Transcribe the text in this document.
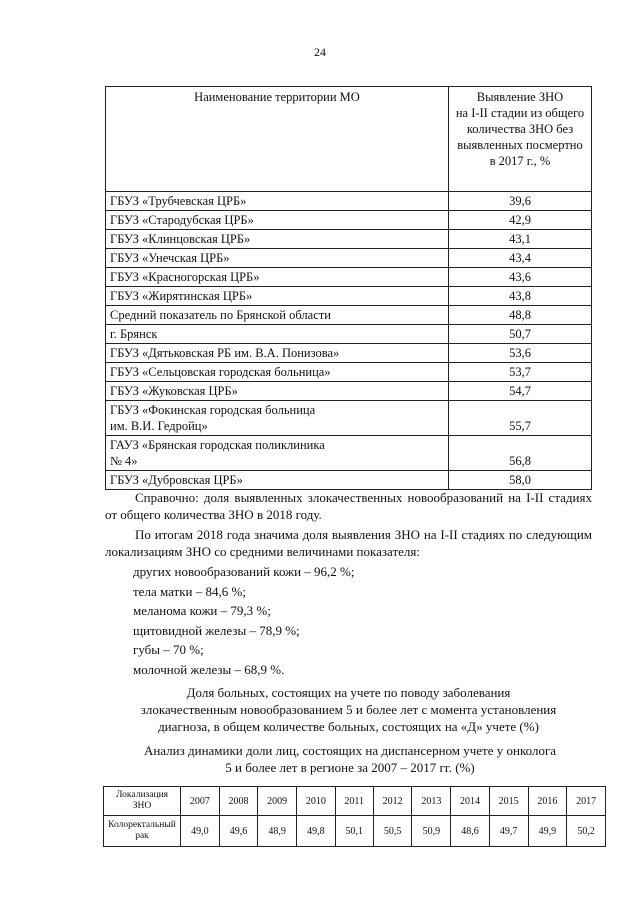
24
Наименование территории МО	Выявление ЗНО
на I-II стадии из общего
количества ЗНО без
выявленных посмертно
в 2017 г., %

ГБУЗ «Трубчевская ЦРБ»	39,6
ГБУЗ «Стародубская ЦРБ»	42,9
ГБУЗ «Клинцовская ЦРБ»	43,1
ГБУЗ «Унечская ЦРБ»	43,4
ГБУЗ «Красногорская ЦРБ»	43,6
ГБУЗ «Жирятинская ЦРБ»	43,8
Средний показатель по Брянской области	48,8
г. Брянск	50,7
ГБУЗ «Дятьковская РБ им. В.А. Понизова»	53,6
ГБУЗ «Сельцовская городская больница»	53,7
ГБУЗ «Жуковская ЦРБ»	54,7

ГБУЗ «Фокинская городская больница
им. В.И. Гедройц»	55,7

ГАУЗ «Брянская городская поликлиника
№ 4»	56,8
ГБУЗ «Дубровская ЦРБ»	58,0
Справочно: доля выявленных злокачественных новообразований на I-II стадиях от общего количества ЗНО в 2018 году.
По итогам 2018 года значима доля выявления ЗНО на I-II стадиях по следующим локализациям ЗНО со средними величинами показателя:
других новообразований кожи – 96,2 %;
тела матки – 84,6 %;
меланома кожи – 79,3 %;
щитовидной железы – 78,9 %;
губы – 70 %;
молочной железы – 68,9 %.
Доля больных, состоящих на учете по поводу заболевания
злокачественным новообразованием 5 и более лет с момента установления
диагноза, в общем количестве больных, состоящих на «Д» учете (%)
Анализ динамики доли лиц, состоящих на диспансерном учете у онколога
5 и более лет в регионе за 2007 – 2017 гг. (%)
Локализация ЗНО	2007	2008	2009	2010	2011	2012	2013	2014	2015	2016	2017
Колоректальный рак	49,0	49,6	48,9	49,8	50,1	50,5	50,9	48,6	49,7	49,9	50,2
